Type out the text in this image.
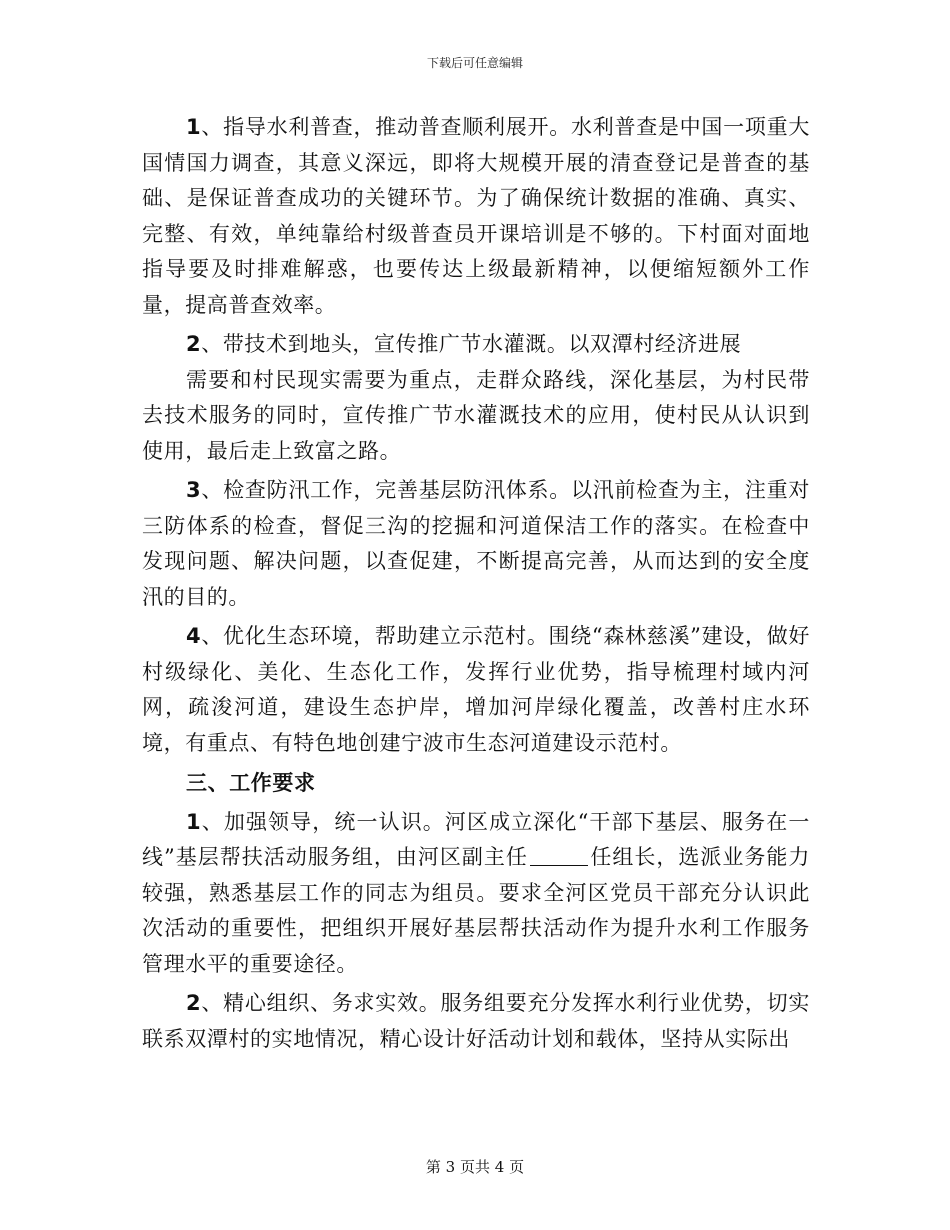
下载后可任意编辑

1、指导水利普查，推动普查顺利展开。水利普查是中国一项重大国情国力调查，其意义深远，即将大规模开展的清查登记是普查的基础、是保证普查成功的关键环节。为了确保统计数据的准确、真实、完整、有效，单纯靠给村级普查员开课培训是不够的。下村面对面地指导要及时排难解惑，也要传达上级最新精神，以便缩短额外工作量，提高普查效率。

2、带技术到地头，宣传推广节水灌溉。以双潭村经济进展

需要和村民现实需要为重点，走群众路线，深化基层，为村民带去技术服务的同时，宣传推广节水灌溉技术的应用，使村民从认识到使用，最后走上致富之路。

3、检查防汛工作，完善基层防汛体系。以汛前检查为主，注重对三防体系的检查，督促三沟的挖掘和河道保洁工作的落实。在检查中发现问题、解决问题，以查促建，不断提高完善，从而达到的安全度汛的目的。

4、优化生态环境，帮助建立示范村。围绕“森林慈溪”建设，做好村级绿化、美化、生态化工作，发挥行业优势，指导梳理村域内河网，疏浚河道，建设生态护岸，增加河岸绿化覆盖，改善村庄水环境，有重点、有特色地创建宁波市生态河道建设示范村。

三、工作要求

1、加强领导，统一认识。河区成立深化“干部下基层、服务在一线”基层帮扶活动服务组，由河区副主任	任组长，选派业务能力较强，熟悉基层工作的同志为组员。要求全河区党员干部充分认识此次活动的重要性，把组织开展好基层帮扶活动作为提升水利工作服务管理水平的重要途径。

2、精心组织、务求实效。服务组要充分发挥水利行业优势，切实联系双潭村的实地情况，精心设计好活动计划和载体，坚持从实际出

第 3 页共 4 页
